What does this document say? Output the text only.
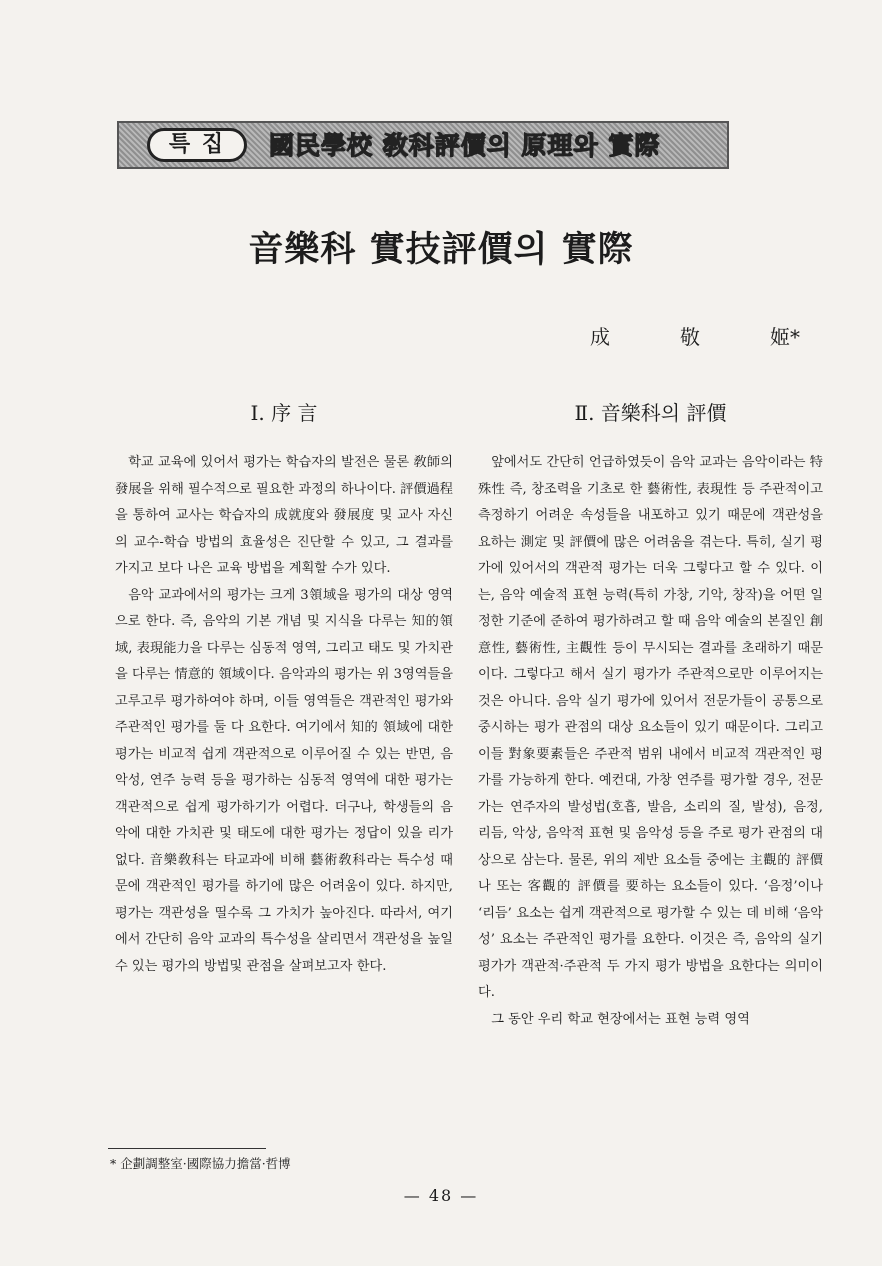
특 집	國民學校 敎科評價의 原理와 實際
音樂科 實技評價의 實際
成	敬	姬*
Ⅰ. 序 言

학교 교육에 있어서 평가는 학습자의 발전은 물론 敎師의 發展을 위해 필수적으로 필요한 과정의 하나이다. 評價過程을 통하여 교사는 학습자의 成就度와 發展度 및 교사 자신의 교수-학습 방법의 효율성은 진단할 수 있고, 그 결과를 가지고 보다 나은 교육 방법을 계획할 수가 있다.

음악 교과에서의 평가는 크게 3領域을 평가의 대상 영역으로 한다. 즉, 음악의 기본 개념 및 지식을 다루는 知的領域, 表現能力을 다루는 심동적 영역, 그리고 태도 및 가치관을 다루는 情意的 領域이다. 음악과의 평가는 위 3영역들을 고루고루 평가하여야 하며, 이들 영역들은 객관적인 평가와 주관적인 평가를 둘 다 요한다. 여기에서 知的 領域에 대한 평가는 비교적 쉽게 객관적으로 이루어질 수 있는 반면, 음악성, 연주 능력 등을 평가하는 심동적 영역에 대한 평가는 객관적으로 쉽게 평가하기가 어렵다. 더구나, 학생들의 음악에 대한 가치관 및 태도에 대한 평가는 정답이 있을 리가 없다. 音樂敎科는 타교과에 비해 藝術敎科라는 특수성 때문에 객관적인 평가를 하기에 많은 어려움이 있다. 하지만, 평가는 객관성을 띨수록 그 가치가 높아진다. 따라서, 여기에서 간단히 음악 교과의 특수성을 살리면서 객관성을 높일 수 있는 평가의 방법및 관점을 살펴보고자 한다.

Ⅱ. 音樂科의 評價

앞에서도 간단히 언급하였듯이 음악 교과는 음악이라는 特殊性 즉, 창조력을 기초로 한 藝術性, 表現性 등 주관적이고 측정하기 어려운 속성들을 내포하고 있기 때문에 객관성을 요하는 測定 및 評價에 많은 어려움을 겪는다. 특히, 실기 평가에 있어서의 객관적 평가는 더욱 그렇다고 할 수 있다. 이는, 음악 예술적 표현 능력(특히 가창, 기악, 창작)을 어떤 일정한 기준에 준하여 평가하려고 할 때 음악 예술의 본질인 創意性, 藝術性, 主觀性 등이 무시되는 결과를 초래하기 때문이다. 그렇다고 해서 실기 평가가 주관적으로만 이루어지는 것은 아니다. 음악 실기 평가에 있어서 전문가들이 공통으로 중시하는 평가 관점의 대상 요소들이 있기 때문이다. 그리고 이들 對象要素들은 주관적 범위 내에서 비교적 객관적인 평가를 가능하게 한다. 예컨대, 가창 연주를 평가할 경우, 전문가는 연주자의 발성법(호흡, 발음, 소리의 질, 발성), 음정, 리듬, 악상, 음악적 표현 및 음악성 등을 주로 평가 관점의 대상으로 삼는다. 물론, 위의 제반 요소들 중에는 主觀的 評價나 또는 客觀的 評價를 要하는 요소들이 있다. ‘음정’이나 ‘리듬’ 요소는 쉽게 객관적으로 평가할 수 있는 데 비해 ‘음악성’ 요소는 주관적인 평가를 요한다. 이것은 즉, 음악의 실기 평가가 객관적·주관적 두 가지 평가 방법을 요한다는 의미이다.

그 동안 우리 학교 현장에서는 표현 능력 영역

* 企劃調整室·國際協力擔當·哲博
— 48 —
